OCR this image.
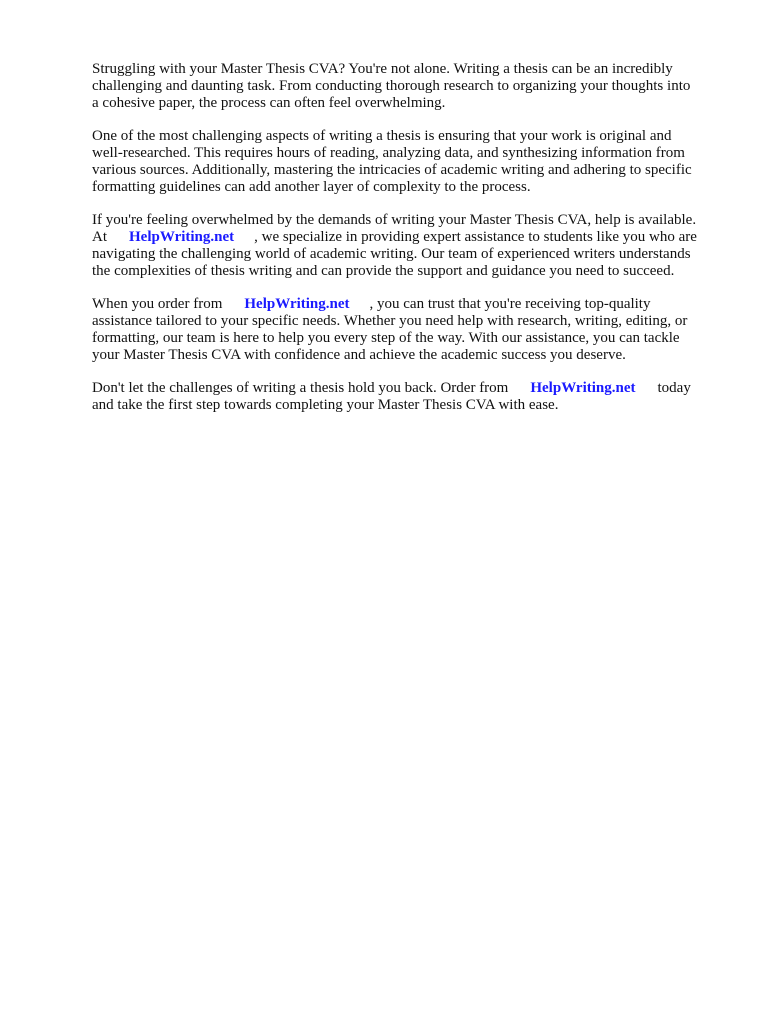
Struggling with your Master Thesis CVA? You're not alone. Writing a thesis can be an incredibly
challenging and daunting task. From conducting thorough research to organizing your thoughts into
a cohesive paper, the process can often feel overwhelming.

One of the most challenging aspects of writing a thesis is ensuring that your work is original and
well-researched. This requires hours of reading, analyzing data, and synthesizing information from
various sources. Additionally, mastering the intricacies of academic writing and adhering to specific
formatting guidelines can add another layer of complexity to the process.

If you're feeling overwhelmed by the demands of writing your Master Thesis CVA, help is available.
At HelpWriting.net , we specialize in providing expert assistance to students like you who are
navigating the challenging world of academic writing. Our team of experienced writers understands
the complexities of thesis writing and can provide the support and guidance you need to succeed.

When you order from HelpWriting.net , you can trust that you're receiving top-quality
assistance tailored to your specific needs. Whether you need help with research, writing, editing, or
formatting, our team is here to help you every step of the way. With our assistance, you can tackle
your Master Thesis CVA with confidence and achieve the academic success you deserve.

Don't let the challenges of writing a thesis hold you back. Order from HelpWriting.net today
and take the first step towards completing your Master Thesis CVA with ease.
